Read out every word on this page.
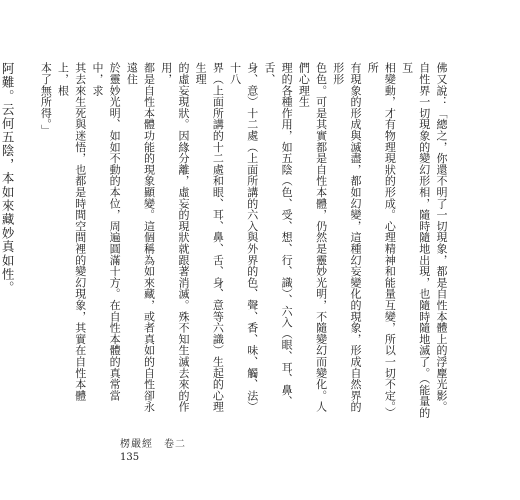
佛又說：「總之，你還不明了一切現象，都是自性本體上的浮塵光影。
自性界一切現象的變幻形相，隨時隨地出現，也隨時隨地滅了。（能量的互
相變動，才有物理現狀的形成。心理精神和能量互變，所以一切不定。）所
有現象的形成與滅盡，都如幻變，這種幻妄變化的現象，形成自然界的形形
色色。可是其實都是自性本體，仍然是靈妙光明，不隨變幻而變化。人們心理生
理的各種作用，如五陰（色、受、想、行、識）、六入（眼、耳、鼻、舌、
身、意）十二處（上面所講的六入與外界的色、聲、香、味、觸、法）十八
界（上面所講的十二處和眼、耳、鼻、舌、身、意等六識）生起的心理生理
的虛妄現狀。因緣分離，虛妄的現狀就跟著消滅。殊不知生滅去來的作用，
都是自性本體功能的現象顯變。這個稱為如來藏，或者真如的自性卻永遠住
於靈妙光明、如如不動的本位，周遍圓滿十方。在自性本體的真常當中，求
其去來生死與迷悟，也都是時間空間裡的變幻現象，其實在自性本體上，根
本了無所得。」
阿難。云何五陰，本如來藏妙真如性。
楞嚴經　卷二
135
